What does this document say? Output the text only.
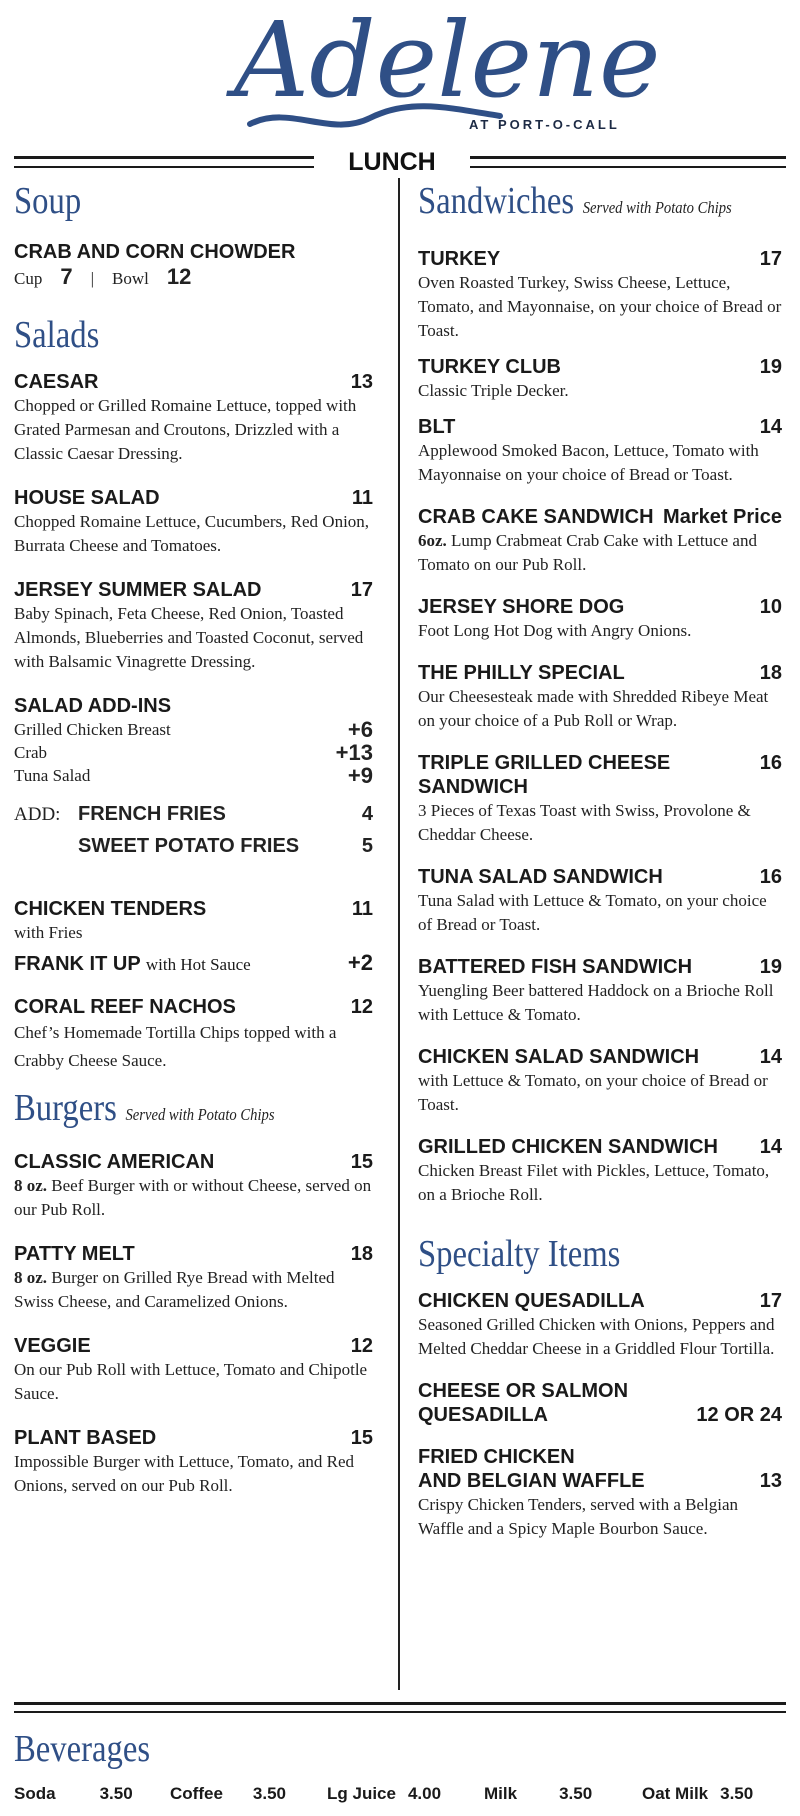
Adelene
AT PORT-O-CALL
LUNCH
Soup
CRAB AND CORN CHOWDER
Cup 7 | Bowl 12
Salads
CAESAR	13
Chopped or Grilled Romaine Lettuce, topped with Grated Parmesan and Croutons, Drizzled with a Classic Caesar Dressing.
HOUSE SALAD	11
Chopped Romaine Lettuce, Cucumbers, Red Onion, Burrata Cheese and Tomatoes.
JERSEY SUMMER SALAD	17
Baby Spinach, Feta Cheese, Red Onion, Toasted Almonds, Blueberries and Toasted Coconut, served with Balsamic Vinagrette Dressing.
SALAD ADD-INS
Grilled Chicken Breast	+6
Crab	+13
Tuna Salad	+9
ADD: FRENCH FRIES	4
SWEET POTATO FRIES	5
CHICKEN TENDERS	11
with Fries
FRANK IT UP with Hot Sauce	+2
CORAL REEF NACHOS	12
Chef’s Homemade Tortilla Chips topped with a Crabby Cheese Sauce.
Burgers Served with Potato Chips
CLASSIC AMERICAN	15
8 oz. Beef Burger with or without Cheese, served on our Pub Roll.
PATTY MELT	18
8 oz. Burger on Grilled Rye Bread with Melted Swiss Cheese, and Caramelized Onions.
VEGGIE	12
On our Pub Roll with Lettuce, Tomato and Chipotle Sauce.
PLANT BASED	15
Impossible Burger with Lettuce, Tomato, and Red Onions, served on our Pub Roll.
Sandwiches Served with Potato Chips
TURKEY	17
Oven Roasted Turkey, Swiss Cheese, Lettuce, Tomato, and Mayonnaise, on your choice of Bread or Toast.
TURKEY CLUB	19
Classic Triple Decker.
BLT	14
Applewood Smoked Bacon, Lettuce, Tomato with Mayonnaise on your choice of Bread or Toast.
CRAB CAKE SANDWICH Market Price
6oz. Lump Crabmeat Crab Cake with Lettuce and Tomato on our Pub Roll.
JERSEY SHORE DOG	10
Foot Long Hot Dog with Angry Onions.
THE PHILLY SPECIAL	18
Our Cheesesteak made with Shredded Ribeye Meat on your choice of a Pub Roll or Wrap.
TRIPLE GRILLED CHEESE SANDWICH
16
3 Pieces of Texas Toast with Swiss, Provolone & Cheddar Cheese.
TUNA SALAD SANDWICH	16
Tuna Salad with Lettuce & Tomato, on your choice of Bread or Toast.
BATTERED FISH SANDWICH	19
Yuengling Beer battered Haddock on a Brioche Roll with Lettuce & Tomato.
CHICKEN SALAD SANDWICH	14
with Lettuce & Tomato, on your choice of Bread or Toast.
GRILLED CHICKEN SANDWICH 14
Chicken Breast Filet with Pickles, Lettuce, Tomato, on a Brioche Roll.
Specialty Items
CHICKEN QUESADILLA	17
Seasoned Grilled Chicken with Onions, Peppers and Melted Cheddar Cheese in a Griddled Flour Tortilla.
CHEESE OR SALMON
QUESADILLA	12 OR 24
FRIED CHICKEN
AND BELGIAN WAFFLE	13
Crispy Chicken Tenders, served with a Belgian Waffle and a Spicy Maple Bourbon Sauce.
Beverages
Soda	3.50 Coffee 3.50 Lg Juice 4.00	Milk 3.50	Oat Milk 3.50
